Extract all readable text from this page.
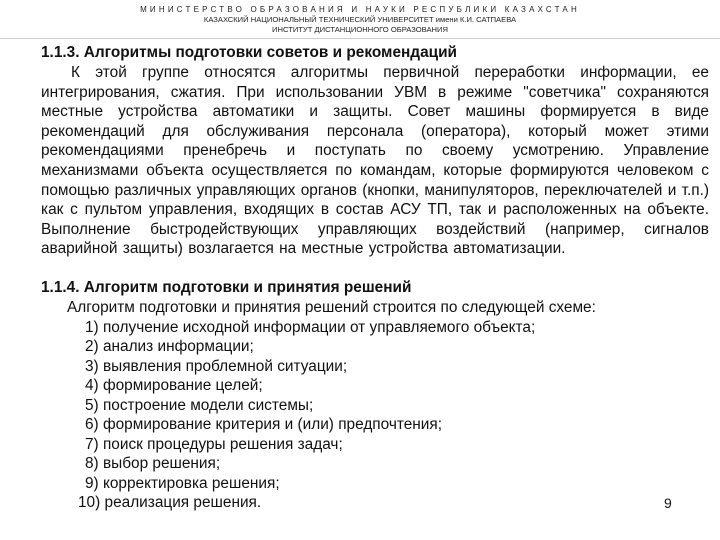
МИНИСТЕРСТВО ОБРАЗОВАНИЯ И НАУКИ РЕСПУБЛИКИ КАЗАХСТАН
КАЗАХСКИЙ НАЦИОНАЛЬНЫЙ ТЕХНИЧЕСКИЙ УНИВЕРСИТЕТ имени К.И. САТПАЕВА
ИНСТИТУТ ДИСТАНЦИОННОГО ОБРАЗОВАНИЯ
1.1.3. Алгоритмы подготовки советов и рекомендаций

К этой группе относятся алгоритмы первичной переработки информации, ее интегрирования, сжатия. При использовании УВМ в режиме "советчика" сохраняются местные устройства автоматики и защиты. Совет машины формируется в виде рекомендаций для обслуживания персонала (оператора), который может этими рекомендациями пренебречь и поступать по своему усмотрению. Управление механизмами объекта осуществляется по командам, которые формируются человеком с помощью различных управляющих органов (кнопки, манипуляторов, переключателей и т.п.) как с пультом управления, входящих в состав АСУ ТП, так и расположенных на объекте. Выполнение быстродействующих управляющих воздействий (например, сигналов аварийной защиты) возлагается на местные устройства автоматизации.

1.1.4. Алгоритм подготовки и принятия решений

Алгоритм подготовки и принятия решений строится по следующей схеме:

1) получение исходной информации от управляемого объекта;
2) анализ информации;
3) выявления проблемной ситуации;
4) формирование целей;
5) построение модели системы;
6) формирование критерия и (или) предпочтения;
7) поиск процедуры решения задач;
8) выбор решения;
9) корректировка решения;
10) реализация решения.	9
